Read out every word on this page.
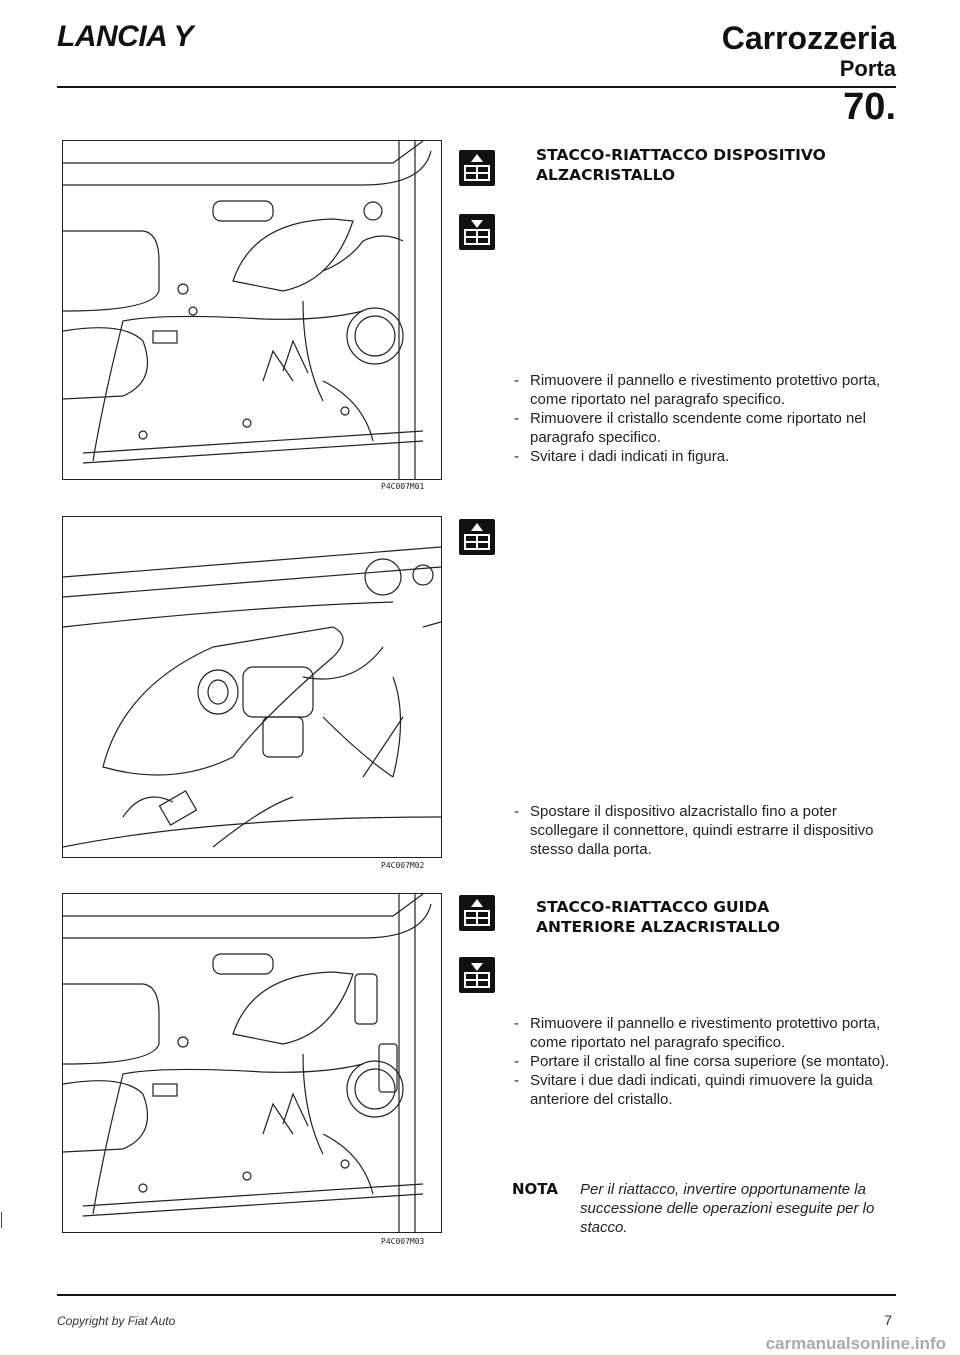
LANCIA Y	Carrozzeria
Porta
70.
P4C007M01
P4C007M02
P4C007M03
STACCO-RIATTACCO DISPOSITIVO
ALZACRISTALLO

- Rimuovere il pannello e rivestimento protettivo porta, come riportato nel paragrafo specifico.

- Rimuovere il cristallo scendente come riportato nel paragrafo specifico.

- Svitare i dadi indicati in figura.

- Spostare il dispositivo alzacristallo fino a poter scollegare il connettore, quindi estrarre il dispositivo stesso dalla porta.

STACCO-RIATTACCO GUIDA
ANTERIORE ALZACRISTALLO

- Rimuovere il pannello e rivestimento protettivo porta, come riportato nel paragrafo specifico.

- Portare il cristallo al fine corsa superiore (se montato).

- Svitare i due dadi indicati, quindi rimuovere la guida anteriore del cristallo.

NOTA Per il riattacco, invertire opportunamente la successione delle operazioni eseguite per lo stacco.
Copyright by Fiat Auto	7
carmanualsonline.info
